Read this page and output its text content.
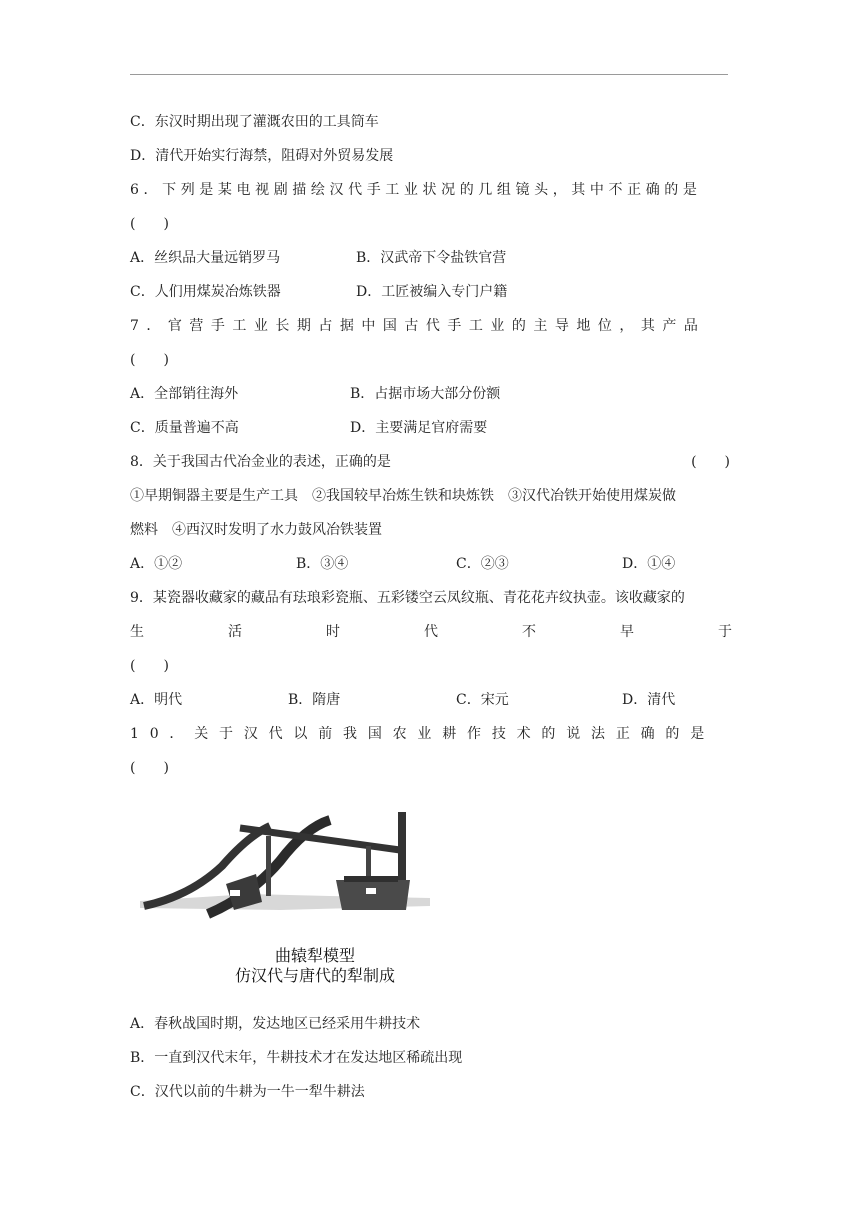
C．东汉时期出现了灌溉农田的工具筒车
D．清代开始实行海禁，阻碍对外贸易发展
6．下列是某电视剧描绘汉代手工业状况的几组镜头，其中不正确的是
(　　)
A．丝织品大量远销罗马	B．汉武帝下令盐铁官营
C．人们用煤炭冶炼铁器	D．工匠被编入专门户籍
7．官营手工业长期占据中国古代手工业的主导地位，其产品
(　　)
A．全部销往海外	B．占据市场大部分份额
C．质量普遍不高	D．主要满足官府需要
8．关于我国古代冶金业的表述，正确的是	(　　)
①早期铜器主要是生产工具　②我国较早冶炼生铁和块炼铁　③汉代冶铁开始使用煤炭做
燃料　④西汉时发明了水力鼓风冶铁装置
A．①②	B．③④	C．②③	D．①④
9．某瓷器收藏家的藏品有珐琅彩瓷瓶、五彩镂空云凤纹瓶、青花花卉纹执壶。该收藏家的
生活时代不早于
(　　)
A．明代	B．隋唐	C．宋元	D．清代
10．关于汉代以前我国农业耕作技术的说法正确的是
(　　)
曲辕犁模型
仿汉代与唐代的犁制成
A．春秋战国时期，发达地区已经采用牛耕技术
B．一直到汉代末年，牛耕技术才在发达地区稀疏出现
C．汉代以前的牛耕为一牛一犁牛耕法
